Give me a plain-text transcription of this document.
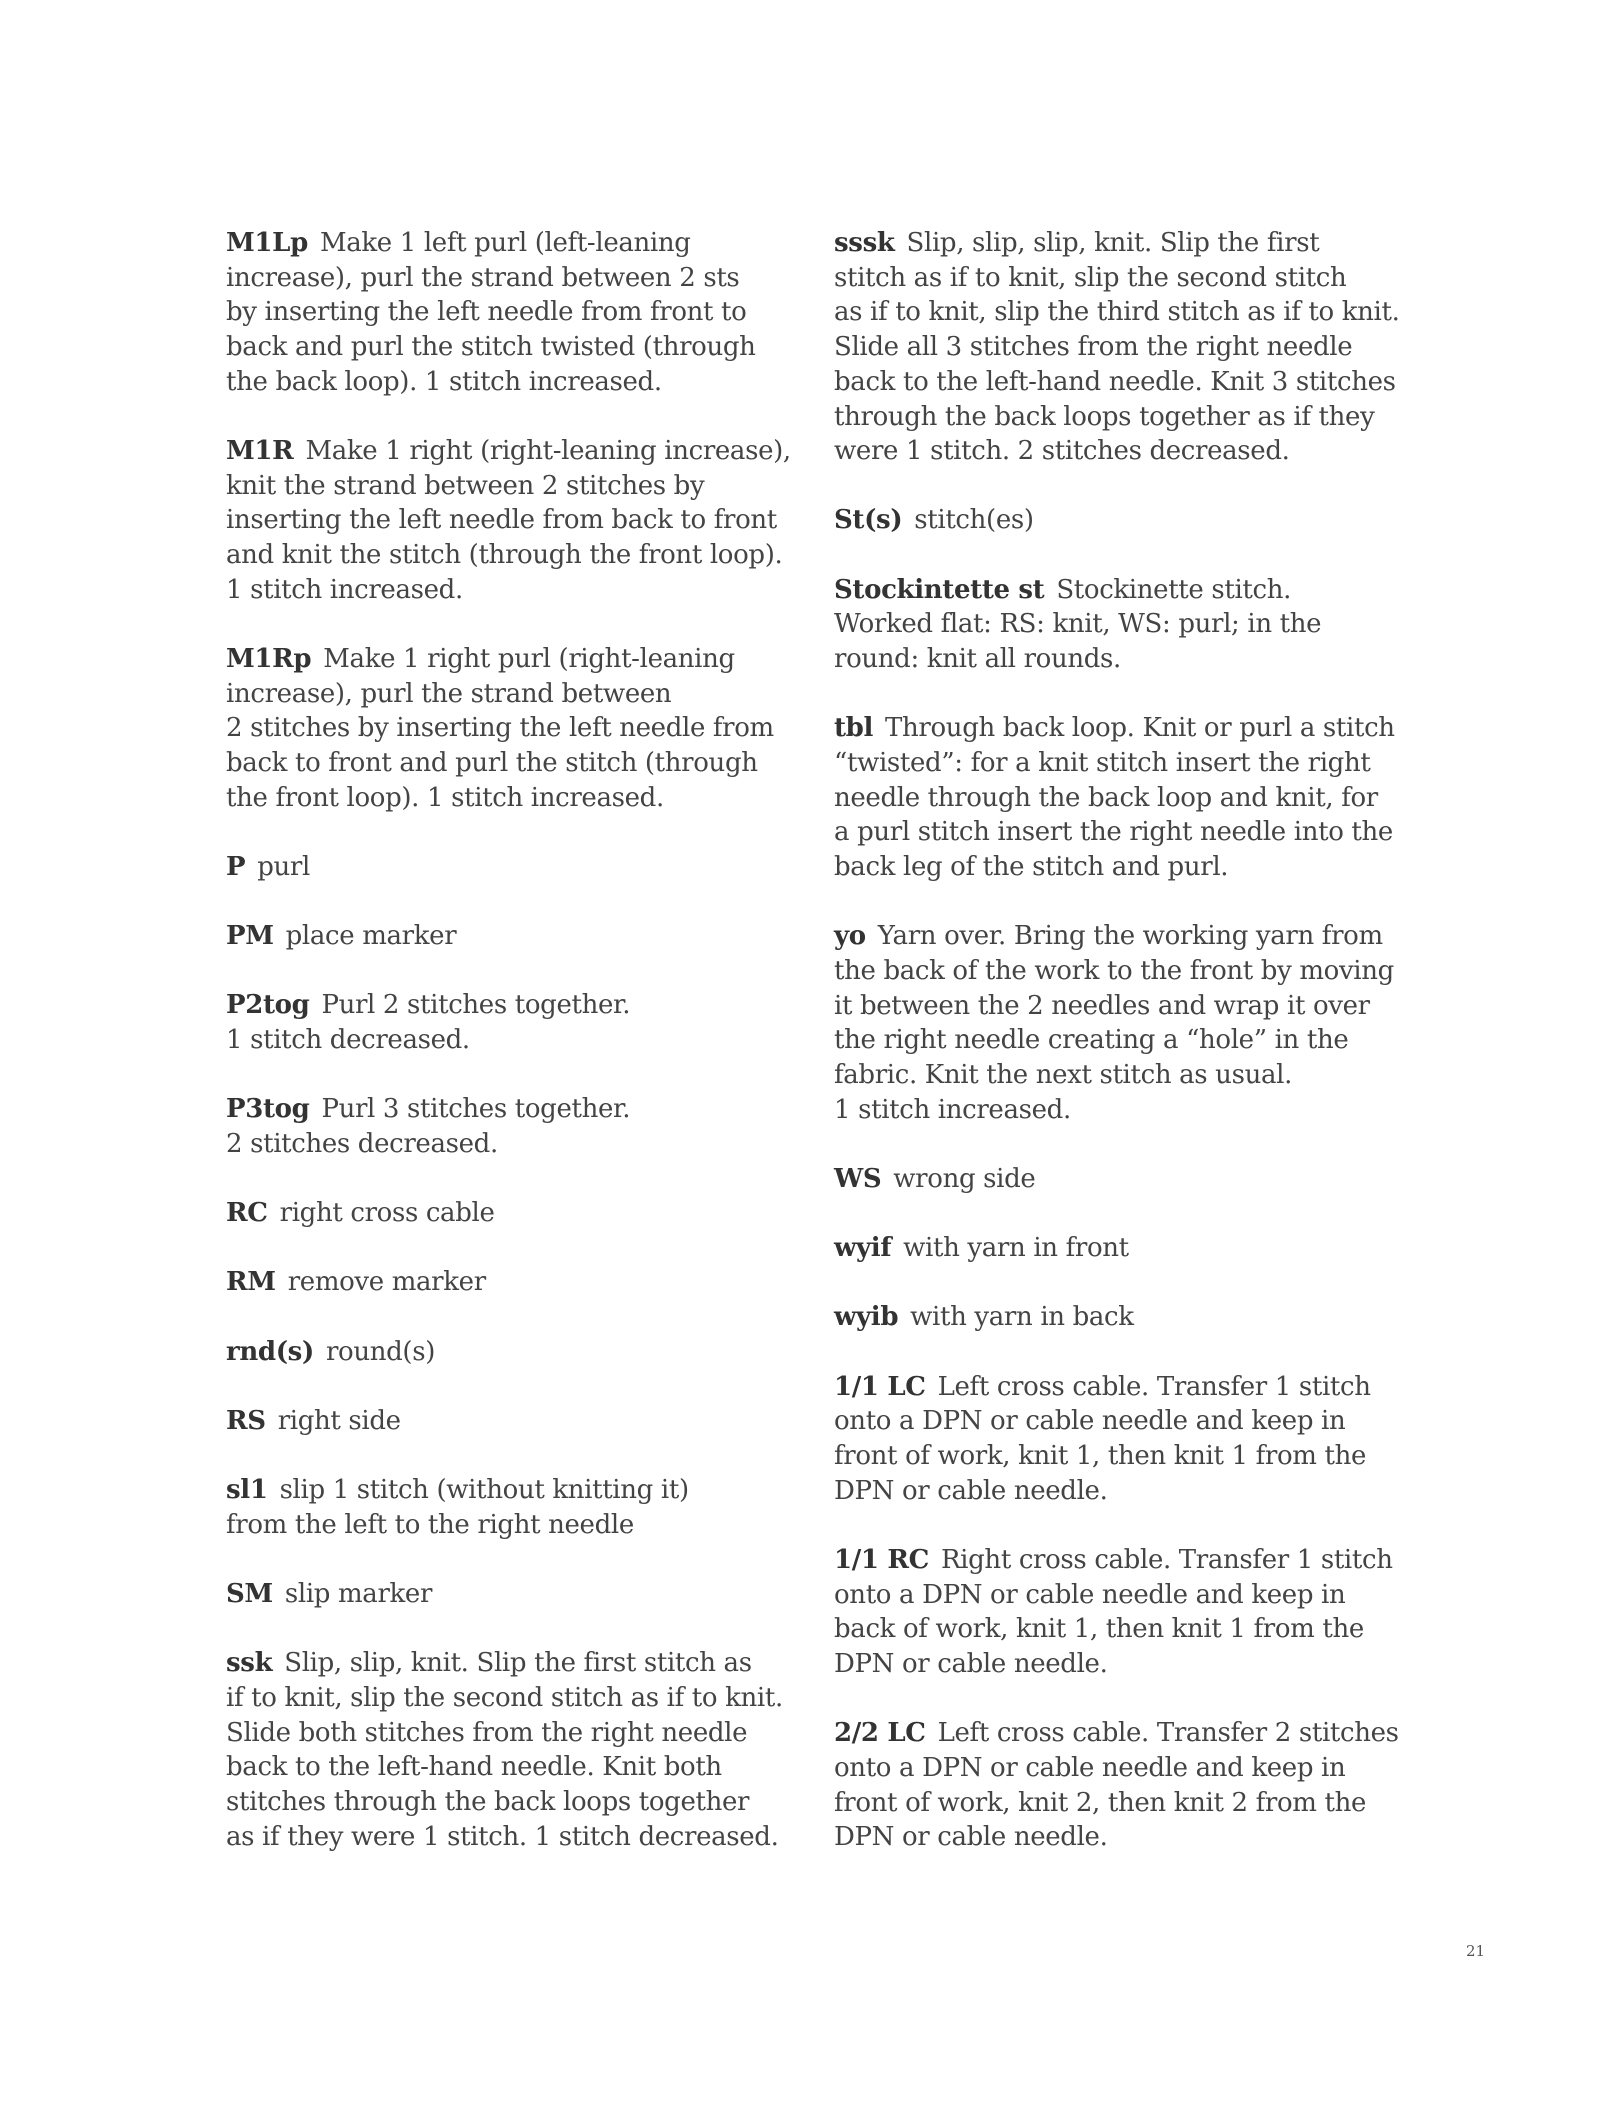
M1Lp Make 1 left purl (left-leaning
increase), purl the strand between 2 sts
by inserting the left needle from front to
back and purl the stitch twisted (through
the back loop). 1 stitch increased.

M1R Make 1 right (right-leaning increase),
knit the strand between 2 stitches by
inserting the left needle from back to front
and knit the stitch (through the front loop).
1 stitch increased.

M1Rp Make 1 right purl (right-leaning
increase), purl the strand between
2 stitches by inserting the left needle from
back to front and purl the stitch (through
the front loop). 1 stitch increased.

P purl

PM place marker

P2tog Purl 2 stitches together.
1 stitch decreased.

P3tog Purl 3 stitches together.
2 stitches decreased.

RC right cross cable

RM remove marker

rnd(s) round(s)

RS right side

sl1 slip 1 stitch (without knitting it)
from the left to the right needle

SM slip marker

ssk Slip, slip, knit. Slip the first stitch as
if to knit, slip the second stitch as if to knit.
Slide both stitches from the right needle
back to the left-hand needle. Knit both
stitches through the back loops together
as if they were 1 stitch. 1 stitch decreased.

sssk Slip, slip, slip, knit. Slip the first
stitch as if to knit, slip the second stitch
as if to knit, slip the third stitch as if to knit.
Slide all 3 stitches from the right needle
back to the left-hand needle. Knit 3 stitches
through the back loops together as if they
were 1 stitch. 2 stitches decreased.

St(s) stitch(es)

Stockintette st Stockinette stitch.
Worked flat: RS: knit, WS: purl; in the
round: knit all rounds.

tbl Through back loop. Knit or purl a stitch
“twisted”: for a knit stitch insert the right
needle through the back loop and knit, for
a purl stitch insert the right needle into the
back leg of the stitch and purl.

yo Yarn over. Bring the working yarn from
the back of the work to the front by moving
it between the 2 needles and wrap it over
the right needle creating a “hole” in the
fabric. Knit the next stitch as usual.
1 stitch increased.

WS wrong side

wyif with yarn in front

wyib with yarn in back

1/1 LC Left cross cable. Transfer 1 stitch
onto a DPN or cable needle and keep in
front of work, knit 1, then knit 1 from the
DPN or cable needle.

1/1 RC Right cross cable. Transfer 1 stitch
onto a DPN or cable needle and keep in
back of work, knit 1, then knit 1 from the
DPN or cable needle.

2/2 LC Left cross cable. Transfer 2 stitches
onto a DPN or cable needle and keep in
front of work, knit 2, then knit 2 from the
DPN or cable needle.

21
